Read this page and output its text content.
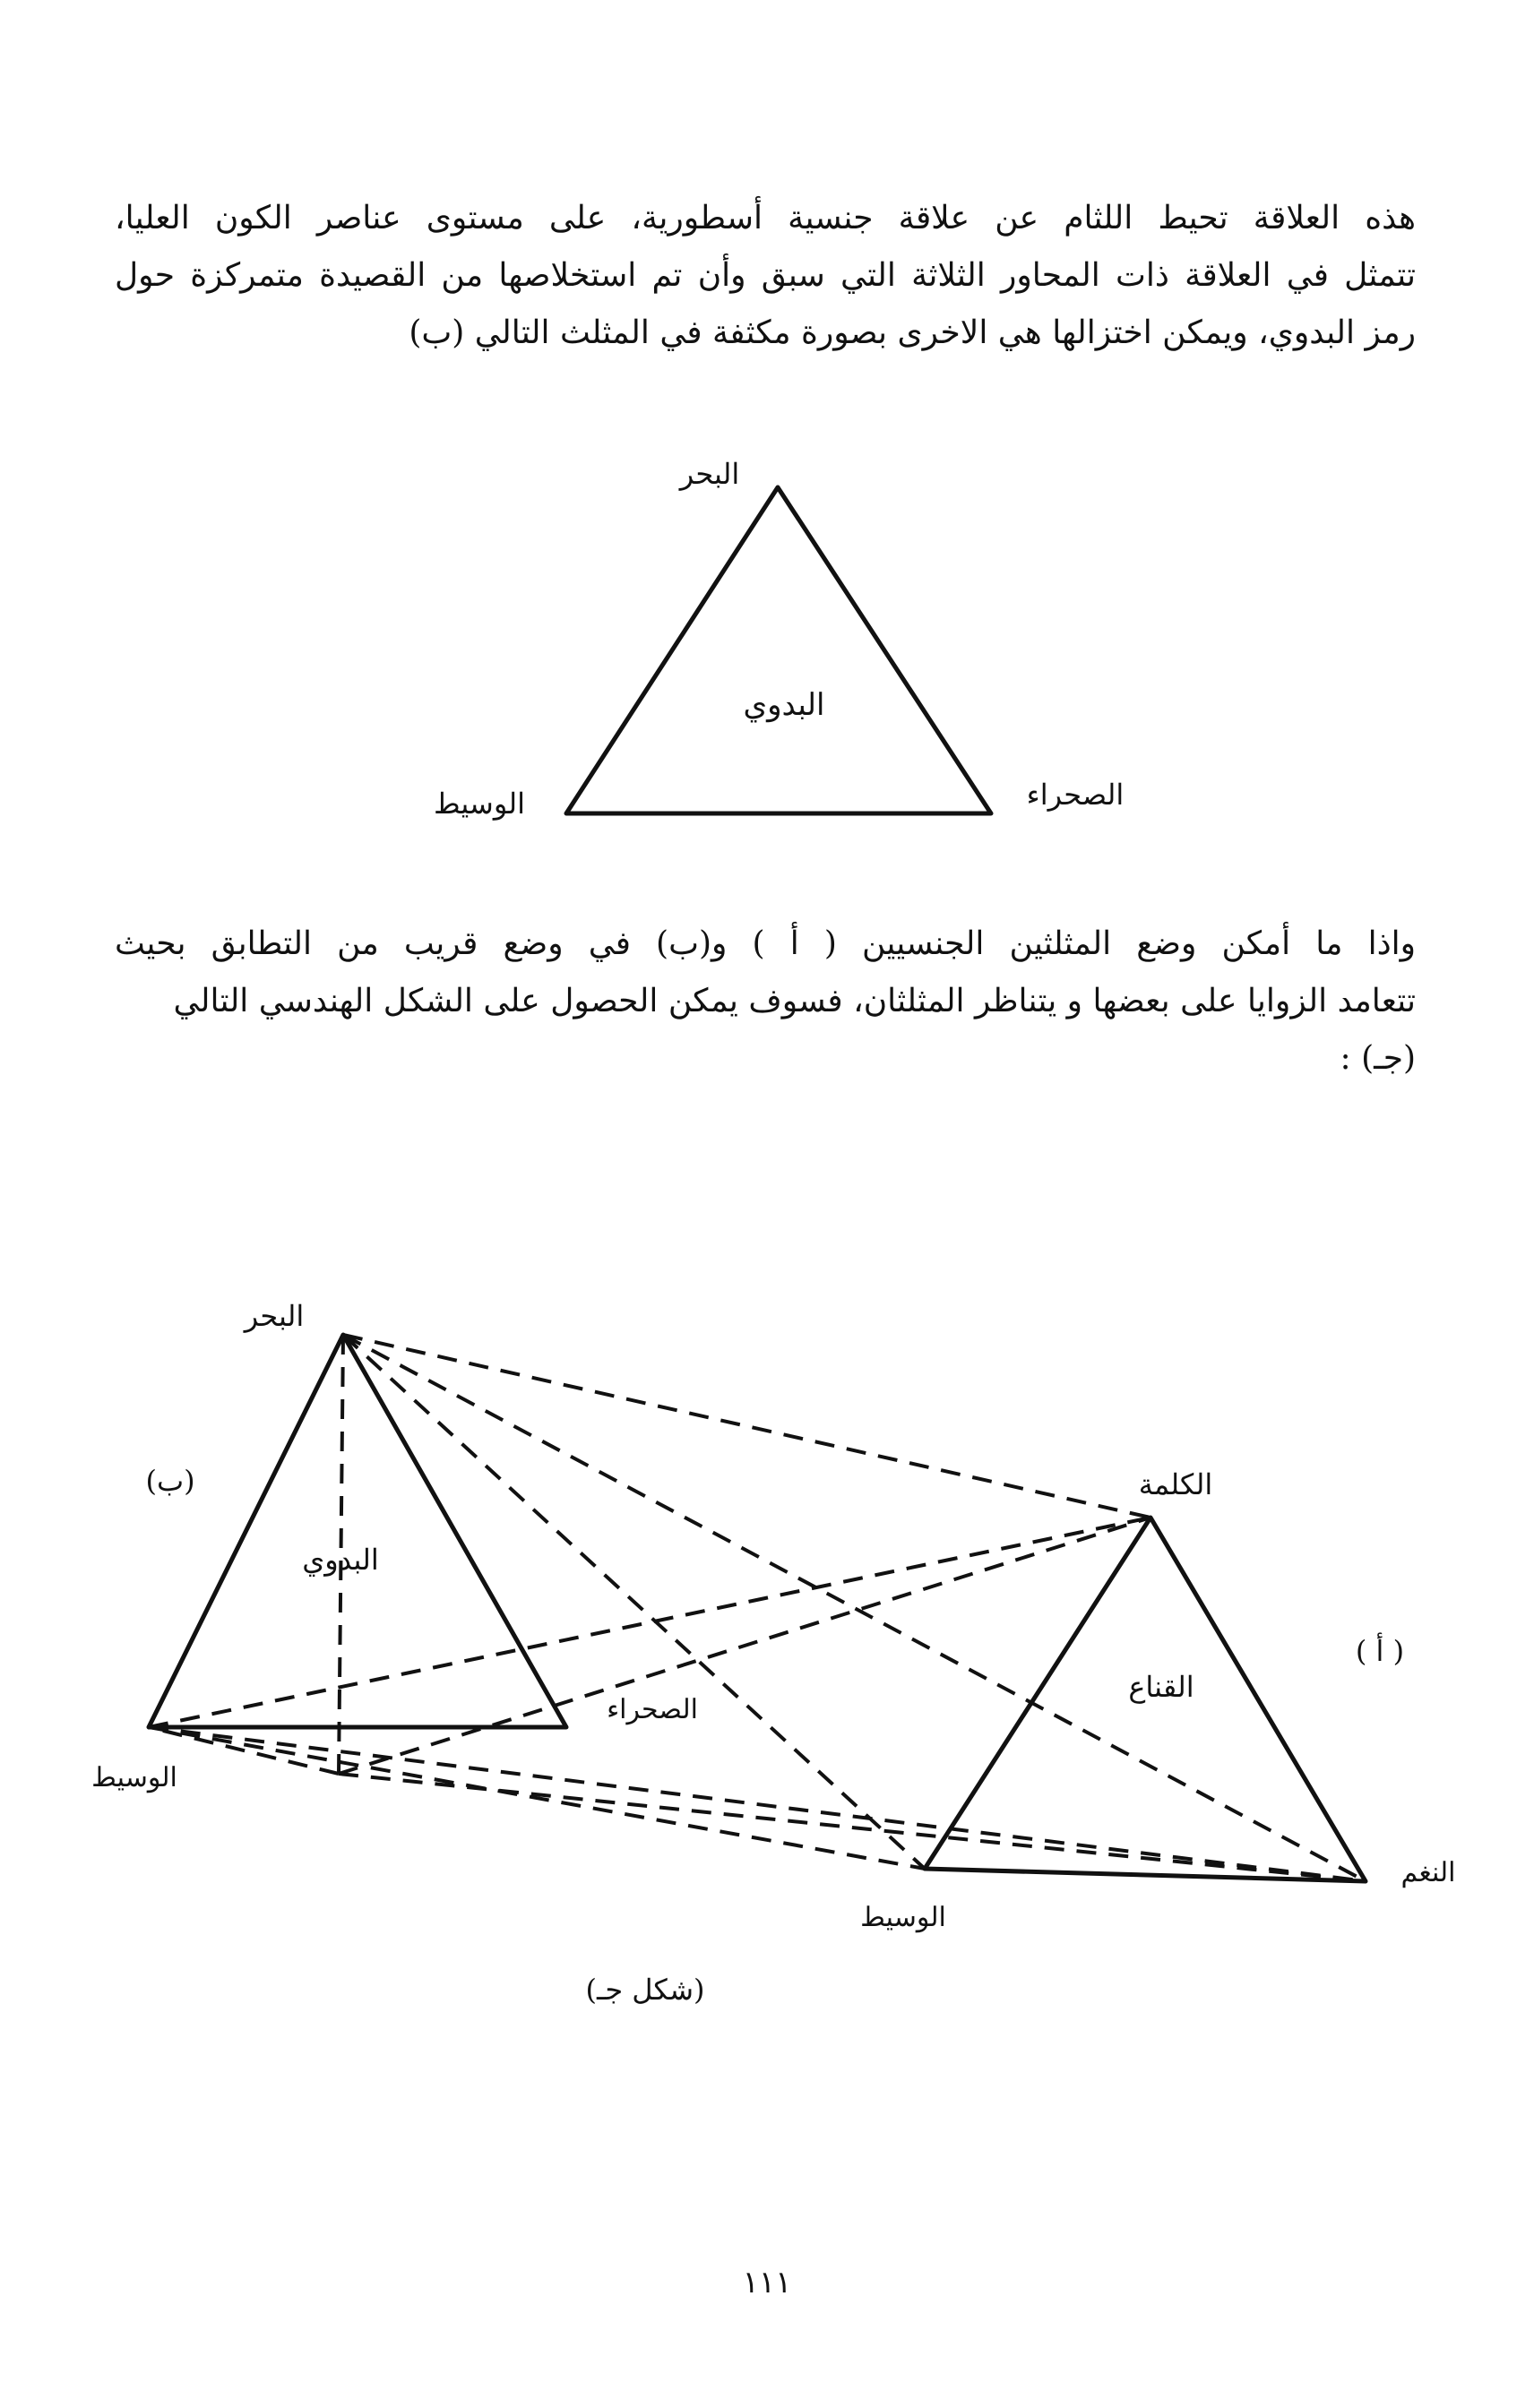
هذه العلاقة تحيط اللثام عن علاقة جنسية أسطورية، على مستوى عناصر الكون العليا،

تتمثل في العلاقة ذات المحاور الثلاثة التي سبق وأن تم استخلاصها من القصيدة متمركزة حول

رمز البدوي، ويمكن اختزالها هي الاخرى بصورة مكثفة في المثلث التالي (ب)

البحر
البدوي
الوسيط	الصحراء

واذا ما أمكن وضع المثلثين الجنسيين ( أ ) و(ب) في وضع قريب من التطابق بحيث

تتعامد الزوايا على بعضها و يتناظر المثلثان، فسوف يمكن الحصول على الشكل الهندسي التالي (جـ) :

البحر
(ب)
البدوي
الصحراء
الوسيط
الكلمة
( أ )
القناع
النغم
الوسيط
(شكل جـ)
١١١
